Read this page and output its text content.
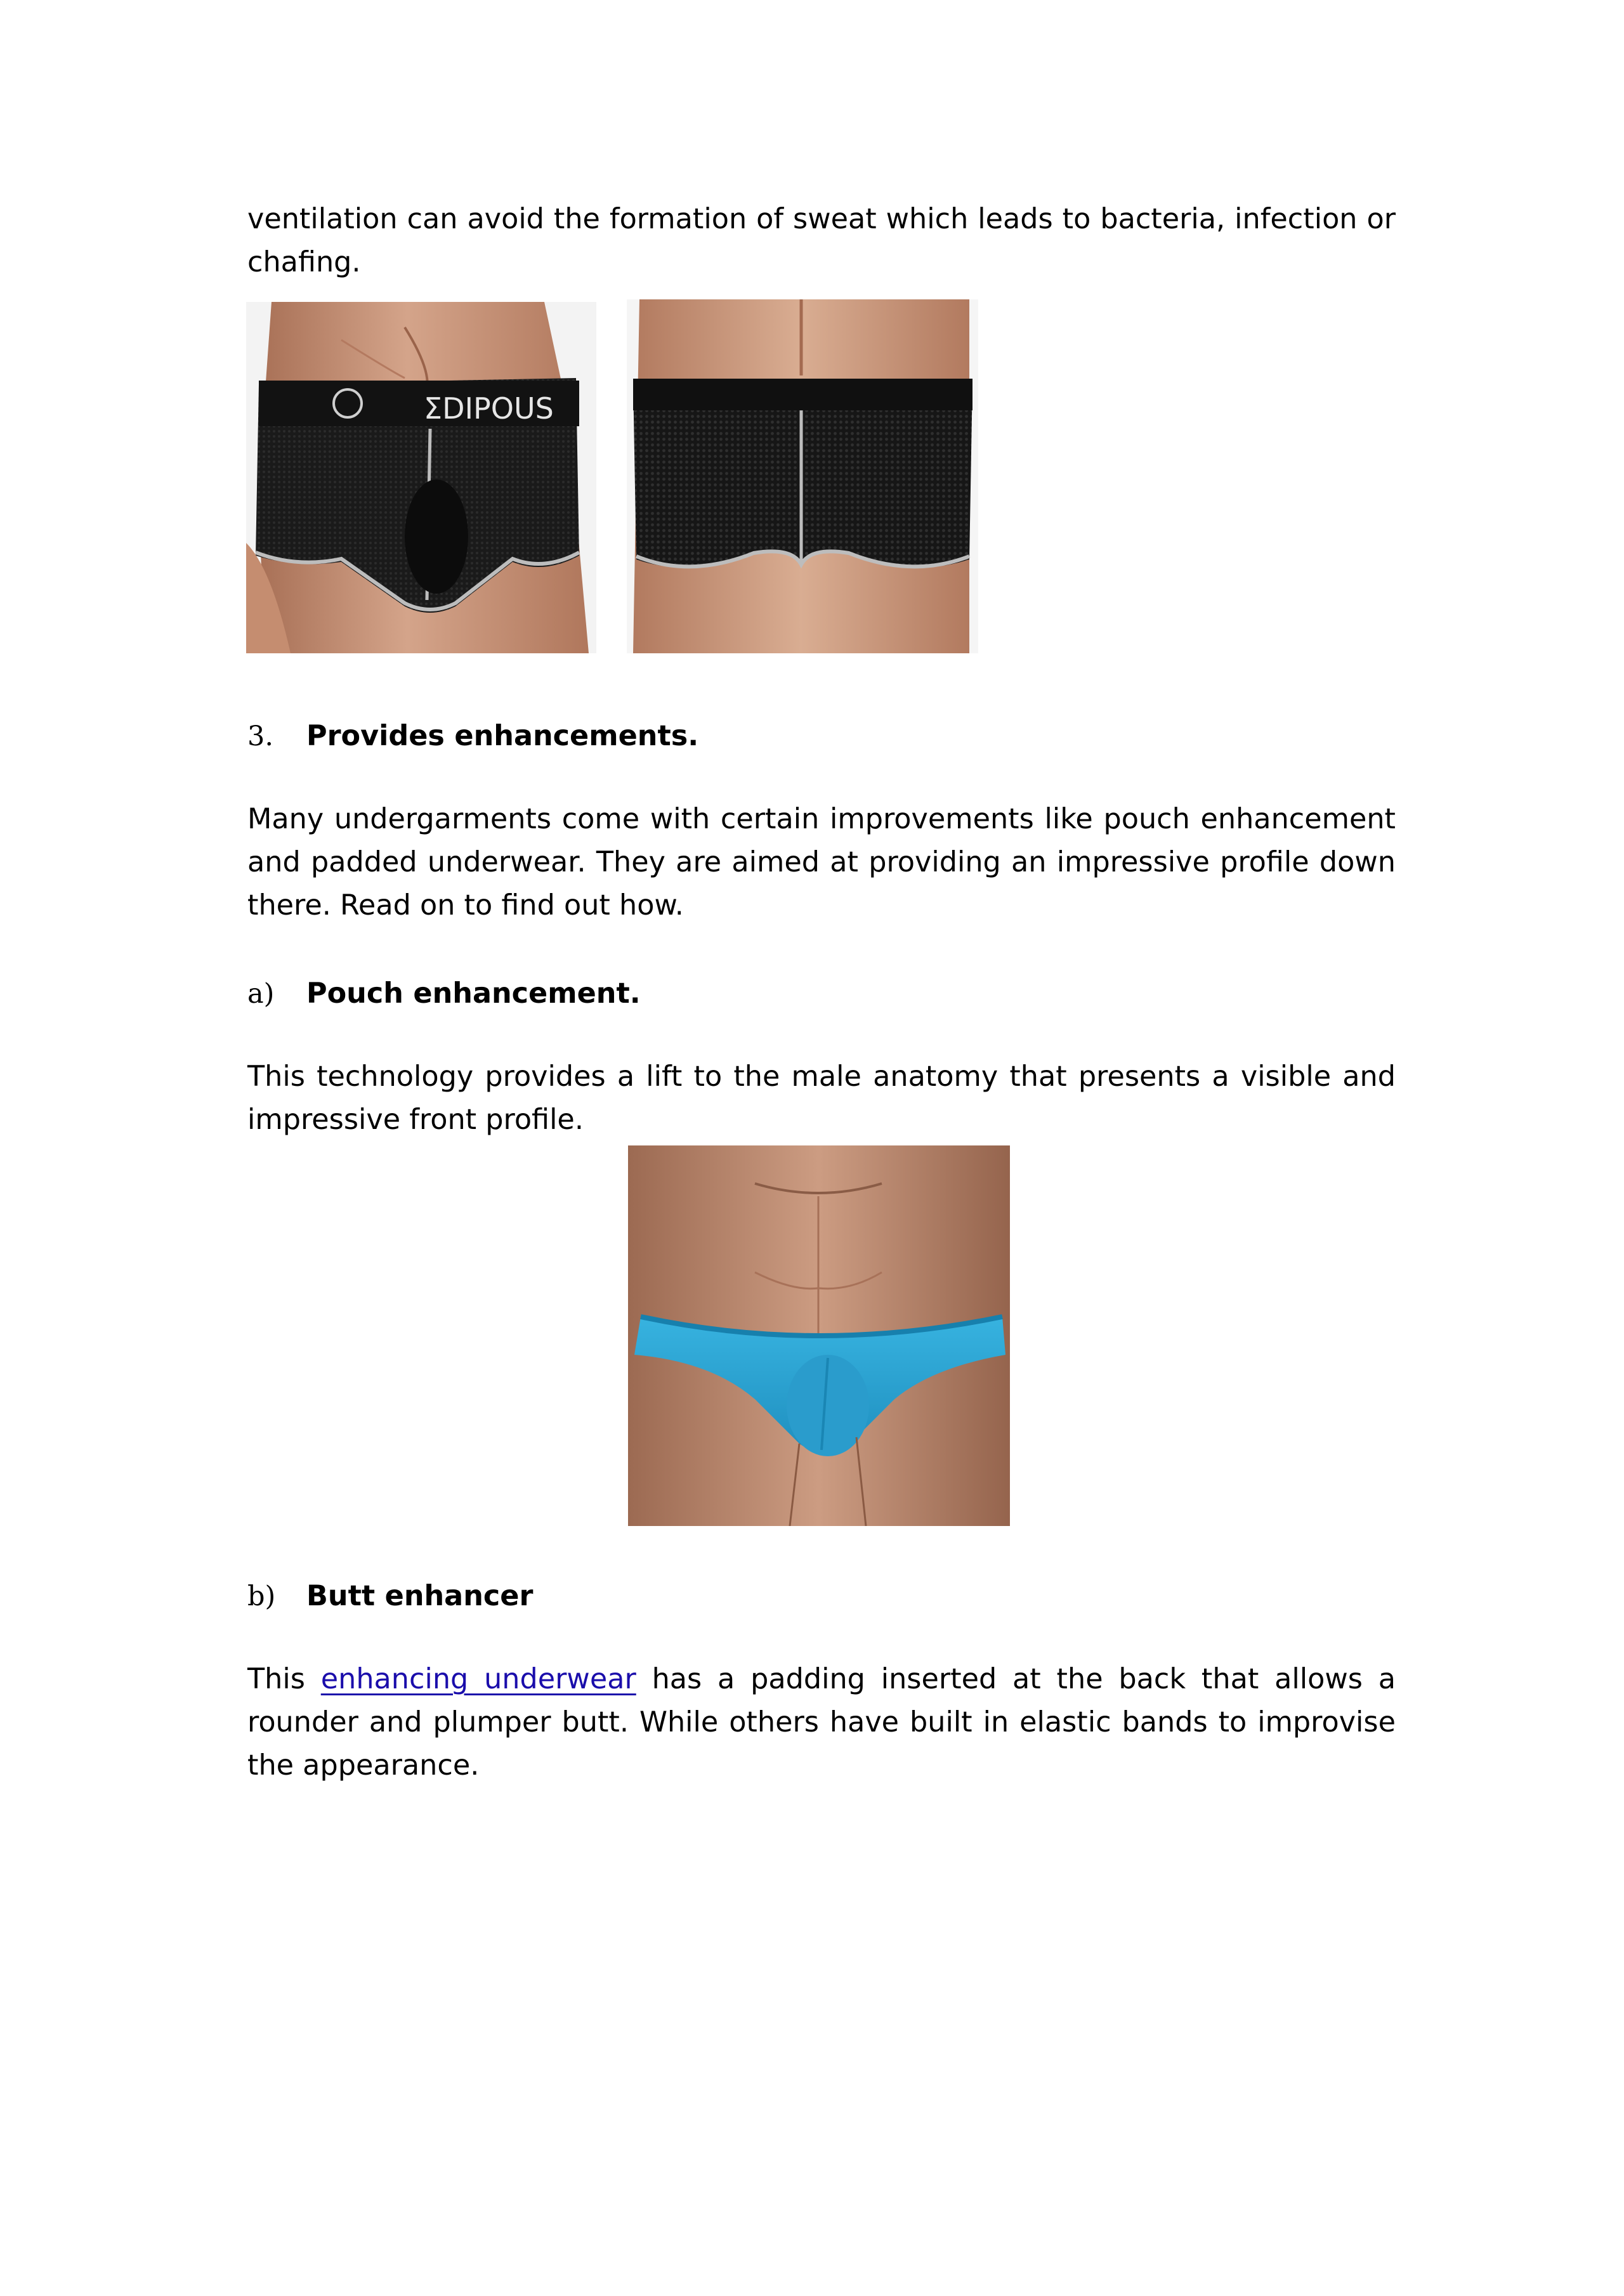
ventilation can avoid the formation of sweat which leads to bacteria, infection or chafing.

ΣDIPOUS
3. Provides enhancements.

Many undergarments come with certain improvements like pouch enhancement and padded underwear. They are aimed at providing an impressive profile down there. Read on to find out how.

a) Pouch enhancement.

This technology provides a lift to the male anatomy that presents a visible and impressive front profile.

b) Butt enhancer

This enhancing underwear has a padding inserted at the back that allows a rounder and plumper butt. While others have built in elastic bands to improvise the appearance.
